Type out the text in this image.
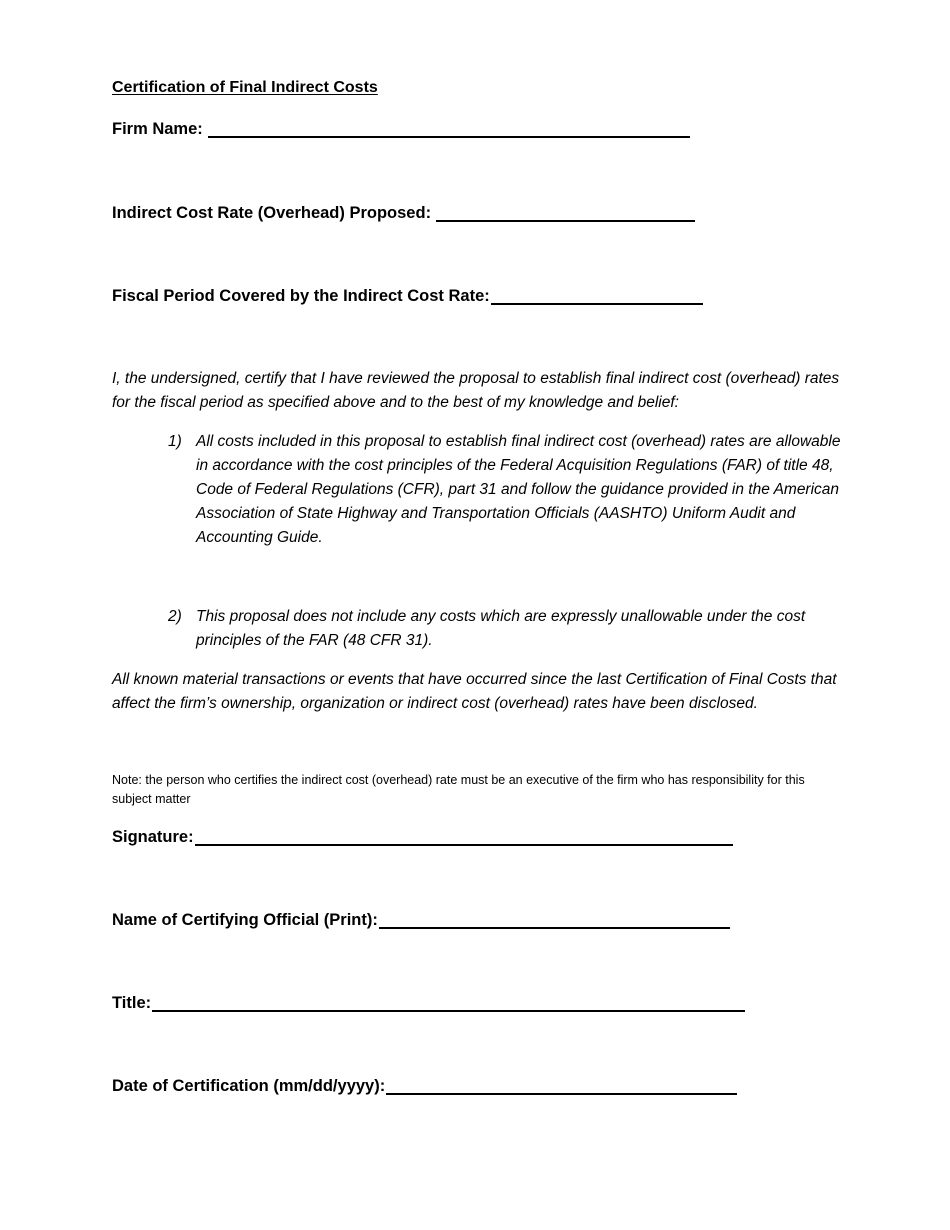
Certification of Final Indirect Costs
Firm Name:
Indirect Cost Rate (Overhead) Proposed:
Fiscal Period Covered by the Indirect Cost Rate:
I, the undersigned, certify that I have reviewed the proposal to establish final indirect cost (overhead) rates for the fiscal period as specified above and to the best of my knowledge and belief:
1) All costs included in this proposal to establish final indirect cost (overhead) rates are allowable in accordance with the cost principles of the Federal Acquisition Regulations (FAR) of title 48, Code of Federal Regulations (CFR), part 31 and follow the guidance provided in the American Association of State Highway and Transportation Officials (AASHTO) Uniform Audit and Accounting Guide.
2) This proposal does not include any costs which are expressly unallowable under the cost principles of the FAR (48 CFR 31).
All known material transactions or events that have occurred since the last Certification of Final Costs that affect the firm’s ownership, organization or indirect cost (overhead) rates have been disclosed.
Note: the person who certifies the indirect cost (overhead) rate must be an executive of the firm who has responsibility for this subject matter
Signature:
Name of Certifying Official (Print):
Title:
Date of Certification (mm/dd/yyyy):
